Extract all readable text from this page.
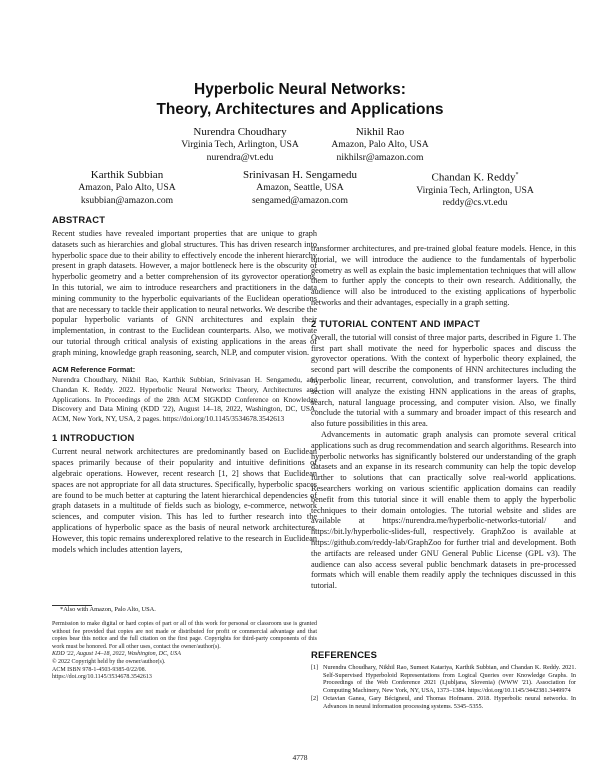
Hyperbolic Neural Networks:
Theory, Architectures and Applications
Nurendra Choudhary
Virginia Tech, Arlington, USA
nurendra@vt.edu
Nikhil Rao
Amazon, Palo Alto, USA
nikhilsr@amazon.com
Karthik Subbian
Amazon, Palo Alto, USA
ksubbian@amazon.com
Srinivasan H. Sengamedu
Amazon, Seattle, USA
sengamed@amazon.com
Chandan K. Reddy*
Virginia Tech, Arlington, USA
reddy@cs.vt.edu
ABSTRACT

Recent studies have revealed important properties that are unique to graph datasets such as hierarchies and global structures. This has driven research into hyperbolic space due to their ability to effectively encode the inherent hierarchy present in graph datasets. However, a major bottleneck here is the obscurity of hyperbolic geometry and a better comprehension of its gyrovector operations. In this tutorial, we aim to introduce researchers and practitioners in the data mining community to the hyperbolic equivariants of the Euclidean operations that are necessary to tackle their application to neural networks. We describe the popular hyperbolic variants of GNN architectures and explain their implementation, in contrast to the Euclidean counterparts. Also, we motivate our tutorial through critical analysis of existing applications in the areas of graph mining, knowledge graph reasoning, search, NLP, and computer vision.

ACM Reference Format:

Nurendra Choudhary, Nikhil Rao, Karthik Subbian, Srinivasan H. Sengamedu, and Chandan K. Reddy. 2022. Hyperbolic Neural Networks: Theory, Architectures and Applications. In Proceedings of the 28th ACM SIGKDD Conference on Knowledge Discovery and Data Mining (KDD '22), August 14–18, 2022, Washington, DC, USA. ACM, New York, NY, USA, 2 pages. https://doi.org/10.1145/3534678.3542613

1 INTRODUCTION

Current neural network architectures are predominantly based on Euclidean spaces primarily because of their popularity and intuitive definitions of algebraic operations. However, recent research [1, 2] shows that Euclidean spaces are not appropriate for all data structures. Specifically, hyperbolic spaces are found to be much better at capturing the latent hierarchical dependencies of graph datasets in a multitude of fields such as biology, e-commerce, network sciences, and computer vision. This has led to further research into the applications of hyperbolic space as the basis of neural network architectures. However, this topic remains underexplored relative to the research in Euclidean models which includes attention layers,

*Also with Amazon, Palo Alto, USA.
Permission to make digital or hard copies of part or all of this work for personal or classroom use is granted without fee provided that copies are not made or distributed for profit or commercial advantage and that copies bear this notice and the full citation on the first page. Copyrights for third-party components of this work must be honored. For all other uses, contact the owner/author(s).
KDD '22, August 14–18, 2022, Washington, DC, USA
© 2022 Copyright held by the owner/author(s).
ACM ISBN 978-1-4503-9385-0/22/08.
https://doi.org/10.1145/3534678.3542613

transformer architectures, and pre-trained global feature models. Hence, in this tutorial, we will introduce the audience to the fundamentals of hyperbolic geometry as well as explain the basic implementation techniques that will allow them to further apply the concepts to their own research. Additionally, the audience will also be introduced to the existing applications of hyperbolic networks and their advantages, especially in a graph setting.

2 TUTORIAL CONTENT AND IMPACT

Overall, the tutorial will consist of three major parts, described in Figure 1. The first part shall motivate the need for hyperbolic spaces and discuss the gyrovector operations. With the context of hyperbolic theory explained, the second part will describe the components of HNN architectures including the hyperbolic linear, recurrent, convolution, and transformer layers. The third section will analyze the existing HNN applications in the areas of graphs, search, natural language processing, and computer vision. Also, we finally conclude the tutorial with a summary and broader impact of this research and also future possibilities in this area.

Advancements in automatic graph analysis can promote several critical applications such as drug recommendation and search algorithms. Research into hyperbolic networks has significantly bolstered our understanding of the graph datasets and an expanse in its research community can help the topic develop further to solutions that can practically solve real-world applications. Researchers working on various scientific application domains can readily benefit from this tutorial since it will enable them to apply the hyperbolic techniques to their domain ontologies. The tutorial website and slides are available at https://nurendra.me/hyperbolic-networks-tutorial/ and https://bit.ly/hyperbolic-slides-full, respectively. GraphZoo is available at https://github.com/reddy-lab/GraphZoo for further trial and development. Both the artifacts are released under GNU General Public License (GPL v3). The audience can also access several public benchmark datasets in pre-processed formats which will enable them readily apply the techniques discussed in this tutorial.

REFERENCES
[1] Nurendra Choudhary, Nikhil Rao, Sumeet Katariya, Karthik Subbian, and Chandan K. Reddy. 2021. Self-Supervised Hyperboloid Representations from Logical Queries over Knowledge Graphs. In Proceedings of the Web Conference 2021 (Ljubljana, Slovenia) (WWW '21). Association for Computing Machinery, New York, NY, USA, 1373–1384. https://doi.org/10.1145/3442381.3449974
[2] Octavian Ganea, Gary Bécigneul, and Thomas Hofmann. 2018. Hyperbolic neural networks. In Advances in neural information processing systems. 5345–5355.
4778
